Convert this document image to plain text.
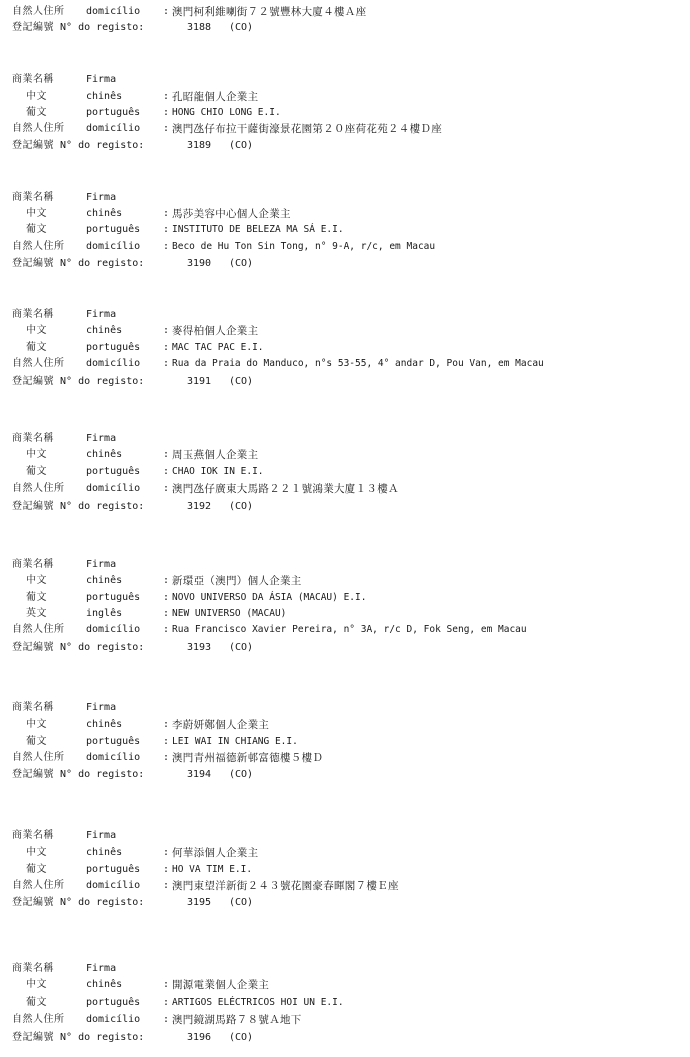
自然人住所 domicílio : 澳門柯利維喇街７２號豐林大廈４樓Ａ座
登記編號 N° do registo:	3188 (CO)
商業名稱	Firma
中文	chinês	: 孔昭龍個人企業主
葡文	português : HONG CHIO LONG E.I.
自然人住所 domicílio : 澳門氹仔布拉干薩街濠景花園第２０座荷花苑２４樓Ｄ座
登記編號 N° do registo:	3189 (CO)
商業名稱	Firma
中文	chinês	: 馬莎美容中心個人企業主
葡文	português : INSTITUTO DE BELEZA MA SÁ E.I.
自然人住所 domicílio : Beco de Hu Ton Sin Tong, n° 9-A, r/c, em Macau
登記編號 N° do registo:	3190 (CO)
商業名稱	Firma
中文	chinês	: 麥得柏個人企業主
葡文	português : MAC TAC PAC E.I.
自然人住所 domicílio : Rua da Praia do Manduco, n°s 53-55, 4° andar D, Pou Van, em Macau
登記編號 N° do registo:	3191 (CO)
商業名稱	Firma
中文	chinês	: 周玉燕個人企業主
葡文	português : CHAO IOK IN E.I.
自然人住所 domicílio : 澳門氹仔廣東大馬路２２１號鴻業大廈１３樓Ａ
登記編號 N° do registo:	3192 (CO)
商業名稱	Firma
中文	chinês	: 新環亞（澳門）個人企業主
葡文	português : NOVO UNIVERSO DA ÁSIA (MACAU) E.I.
英文	inglês	: NEW UNIVERSO (MACAU)
自然人住所 domicílio : Rua Francisco Xavier Pereira, n° 3A, r/c D, Fok Seng, em Macau
登記編號 N° do registo:	3193 (CO)
商業名稱	Firma
中文	chinês	: 李蔚妍鄭個人企業主
葡文	português : LEI WAI IN CHIANG E.I.
自然人住所 domicílio : 澳門青州福德新邨富德樓５樓Ｄ
登記編號 N° do registo:	3194 (CO)
商業名稱	Firma
中文	chinês	: 何華添個人企業主
葡文	português : HO VA TIM E.I.
自然人住所 domicílio : 澳門東望洋新街２４３號花園豪春暉閣７樓Ｅ座
登記編號 N° do registo:	3195 (CO)
商業名稱	Firma
中文	chinês	: 開源電業個人企業主
葡文	português : ARTIGOS ELÉCTRICOS HOI UN E.I.
自然人住所 domicílio : 澳門鏡湖馬路７８號Ａ地下
登記編號 N° do registo:	3196 (CO)
